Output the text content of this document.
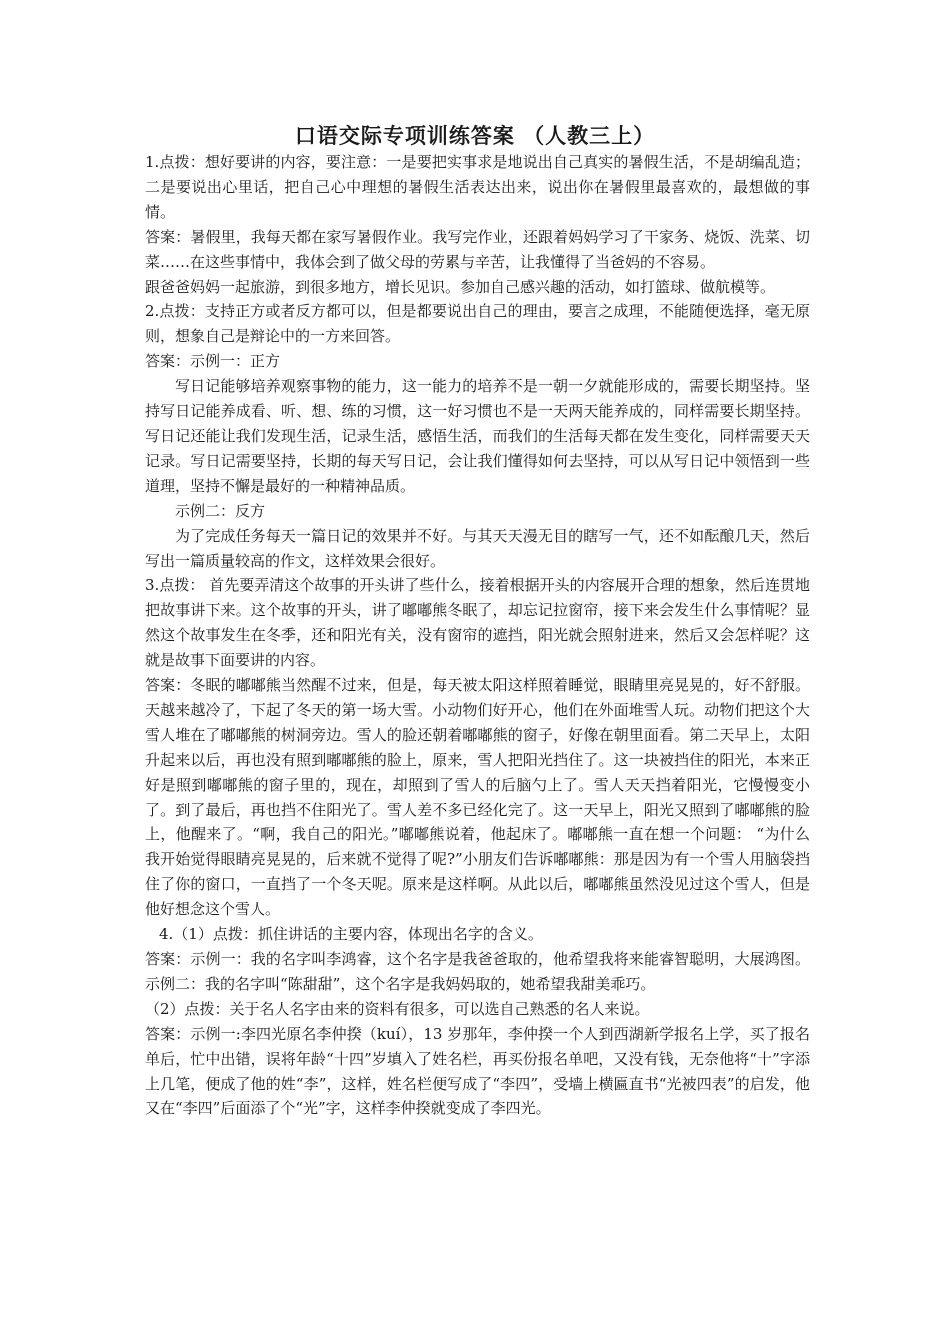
口语交际专项训练答案 （人教三上）

1.点拨：想好要讲的内容，要注意：一是要把实事求是地说出自己真实的暑假生活，不是胡编乱造；二是要说出心里话，把自己心中理想的暑假生活表达出来，说出你在暑假里最喜欢的，最想做的事情。

答案：暑假里，我每天都在家写暑假作业。我写完作业，还跟着妈妈学习了干家务、烧饭、洗菜、切菜……在这些事情中，我体会到了做父母的劳累与辛苦，让我懂得了当爸妈的不容易。

跟爸爸妈妈一起旅游，到很多地方，增长见识。参加自己感兴趣的活动，如打篮球、做航模等。

2.点拨：支持正方或者反方都可以，但是都要说出自己的理由，要言之成理，不能随便选择，毫无原则，想象自己是辩论中的一方来回答。

答案：示例一：正方

写日记能够培养观察事物的能力，这一能力的培养不是一朝一夕就能形成的，需要长期坚持。坚持写日记能养成看、听、想、练的习惯，这一好习惯也不是一天两天能养成的，同样需要长期坚持。写日记还能让我们发现生活，记录生活，感悟生活，而我们的生活每天都在发生变化，同样需要天天记录。写日记需要坚持，长期的每天写日记，会让我们懂得如何去坚持，可以从写日记中领悟到一些道理，坚持不懈是最好的一种精神品质。

示例二：反方

为了完成任务每天一篇日记的效果并不好。与其天天漫无目的瞎写一气，还不如酝酿几天，然后写出一篇质量较高的作文，这样效果会很好。

3.点拨： 首先要弄清这个故事的开头讲了些什么，接着根据开头的内容展开合理的想象，然后连贯地把故事讲下来。这个故事的开头，讲了嘟嘟熊冬眠了，却忘记拉窗帘，接下来会发生什么事情呢？显然这个故事发生在冬季，还和阳光有关，没有窗帘的遮挡，阳光就会照射进来，然后又会怎样呢？这就是故事下面要讲的内容。

答案：冬眠的嘟嘟熊当然醒不过来，但是，每天被太阳这样照着睡觉，眼睛里亮晃晃的，好不舒服。天越来越冷了，下起了冬天的第一场大雪。小动物们好开心，他们在外面堆雪人玩。动物们把这个大雪人堆在了嘟嘟熊的树洞旁边。雪人的脸还朝着嘟嘟熊的窗子，好像在朝里面看。第二天早上，太阳升起来以后，再也没有照到嘟嘟熊的脸上，原来，雪人把阳光挡住了。这一块被挡住的阳光，本来正好是照到嘟嘟熊的窗子里的，现在，却照到了雪人的后脑勺上了。雪人天天挡着阳光，它慢慢变小了。到了最后，再也挡不住阳光了。雪人差不多已经化完了。这一天早上，阳光又照到了嘟嘟熊的脸上，他醒来了。“啊，我自己的阳光。”嘟嘟熊说着，他起床了。嘟嘟熊一直在想一个问题： “为什么我开始觉得眼睛亮晃晃的，后来就不觉得了呢?”小朋友们告诉嘟嘟熊：那是因为有一个雪人用脑袋挡住了你的窗口，一直挡了一个冬天呢。原来是这样啊。从此以后，嘟嘟熊虽然没见过这个雪人，但是他好想念这个雪人。

4.（1）点拨：抓住讲话的主要内容，体现出名字的含义。

答案：示例一：我的名字叫李鸿睿，这个名字是我爸爸取的，他希望我将来能睿智聪明，大展鸿图。示例二：我的名字叫“陈甜甜”，这个名字是我妈妈取的，她希望我甜美乖巧。

（2）点拨：关于名人名字由来的资料有很多，可以选自己熟悉的名人来说。

答案：示例一:李四光原名李仲揆（kuí），13 岁那年，李仲揆一个人到西湖新学报名上学，买了报名单后，忙中出错，误将年龄“十四”岁填入了姓名栏，再买份报名单吧，又没有钱，无奈他将“十”字添上几笔，便成了他的姓“李”，这样，姓名栏便写成了“李四”，受墙上横匾直书“光被四表”的启发，他又在“李四”后面添了个“光”字，这样李仲揆就变成了李四光。
